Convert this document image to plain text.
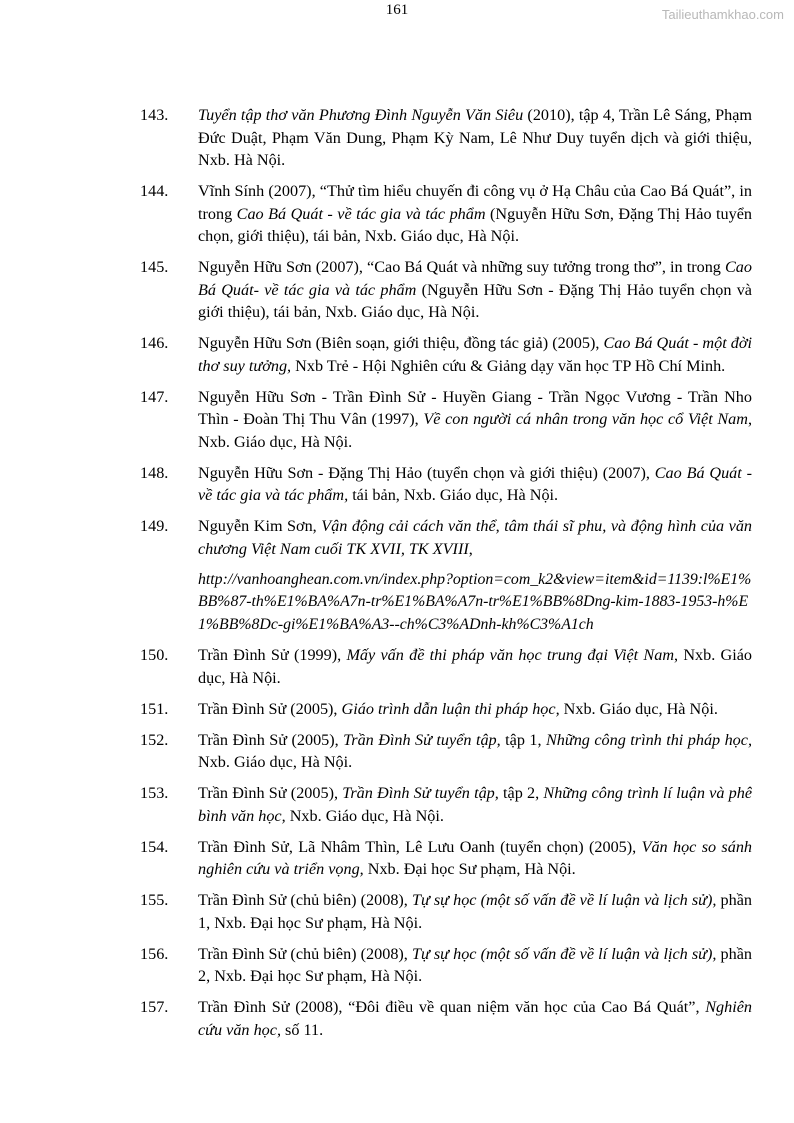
161	Tailieuthamkhao.com
143.	Tuyển tập thơ văn Phương Đình Nguyễn Văn Siêu (2010), tập 4, Trần Lê Sáng, Phạm Đức Duật, Phạm Văn Dung, Phạm Kỳ Nam, Lê Như Duy tuyển dịch và giới thiệu, Nxb. Hà Nội.
144.	Vĩnh Sính (2007), “Thử tìm hiểu chuyến đi công vụ ở Hạ Châu của Cao Bá Quát”, in trong Cao Bá Quát - về tác gia và tác phẩm (Nguyễn Hữu Sơn, Đặng Thị Hảo tuyển chọn, giới thiệu), tái bản, Nxb. Giáo dục, Hà Nội.
145.	Nguyễn Hữu Sơn (2007), “Cao Bá Quát và những suy tưởng trong thơ”, in trong Cao Bá Quát- về tác gia và tác phẩm (Nguyễn Hữu Sơn - Đặng Thị Hảo tuyển chọn và giới thiệu), tái bản, Nxb. Giáo dục, Hà Nội.
146.	Nguyễn Hữu Sơn (Biên soạn, giới thiệu, đồng tác giả) (2005), Cao Bá Quát - một đời thơ suy tưởng, Nxb Trẻ - Hội Nghiên cứu & Giảng dạy văn học TP Hồ Chí Minh.
147.	Nguyễn Hữu Sơn - Trần Đình Sử - Huyền Giang - Trần Ngọc Vương - Trần Nho Thìn - Đoàn Thị Thu Vân (1997), Về con người cá nhân trong văn học cổ Việt Nam, Nxb. Giáo dục, Hà Nội.
148.	Nguyễn Hữu Sơn - Đặng Thị Hảo (tuyển chọn và giới thiệu) (2007), Cao Bá Quát - về tác gia và tác phẩm, tái bản, Nxb. Giáo dục, Hà Nội.
149.	Nguyễn Kim Sơn, Vận động cải cách văn thể, tâm thái sĩ phu, và động hình của văn chương Việt Nam cuối TK XVII, TK XVIII,
http://vanhoanghean.com.vn/index.php?option=com_k2&view=item&id=1139:l%E1%BB%87-th%E1%BA%A7n-tr%E1%BA%A7n-tr%E1%BB%8Dng-kim-1883-1953-h%E1%BB%8Dc-gi%E1%BA%A3--ch%C3%ADnh-kh%C3%A1ch
150.	Trần Đình Sử (1999), Mấy vấn đề thi pháp văn học trung đại Việt Nam, Nxb. Giáo dục, Hà Nội.
151.	Trần Đình Sử (2005), Giáo trình dẫn luận thi pháp học, Nxb. Giáo dục, Hà Nội.
152.	Trần Đình Sử (2005), Trần Đình Sử tuyển tập, tập 1, Những công trình thi pháp học, Nxb. Giáo dục, Hà Nội.
153.	Trần Đình Sử (2005), Trần Đình Sử tuyển tập, tập 2, Những công trình lí luận và phê bình văn học, Nxb. Giáo dục, Hà Nội.
154.	Trần Đình Sử, Lã Nhâm Thìn, Lê Lưu Oanh (tuyển chọn) (2005), Văn học so sánh nghiên cứu và triển vọng, Nxb. Đại học Sư phạm, Hà Nội.
155.	Trần Đình Sử (chủ biên) (2008), Tự sự học (một số vấn đề về lí luận và lịch sử), phần 1, Nxb. Đại học Sư phạm, Hà Nội.
156.	Trần Đình Sử (chủ biên) (2008), Tự sự học (một số vấn đề về lí luận và lịch sử), phần 2, Nxb. Đại học Sư phạm, Hà Nội.
157.	Trần Đình Sử (2008), “Đôi điều về quan niệm văn học của Cao Bá Quát”, Nghiên cứu văn học, số 11.
